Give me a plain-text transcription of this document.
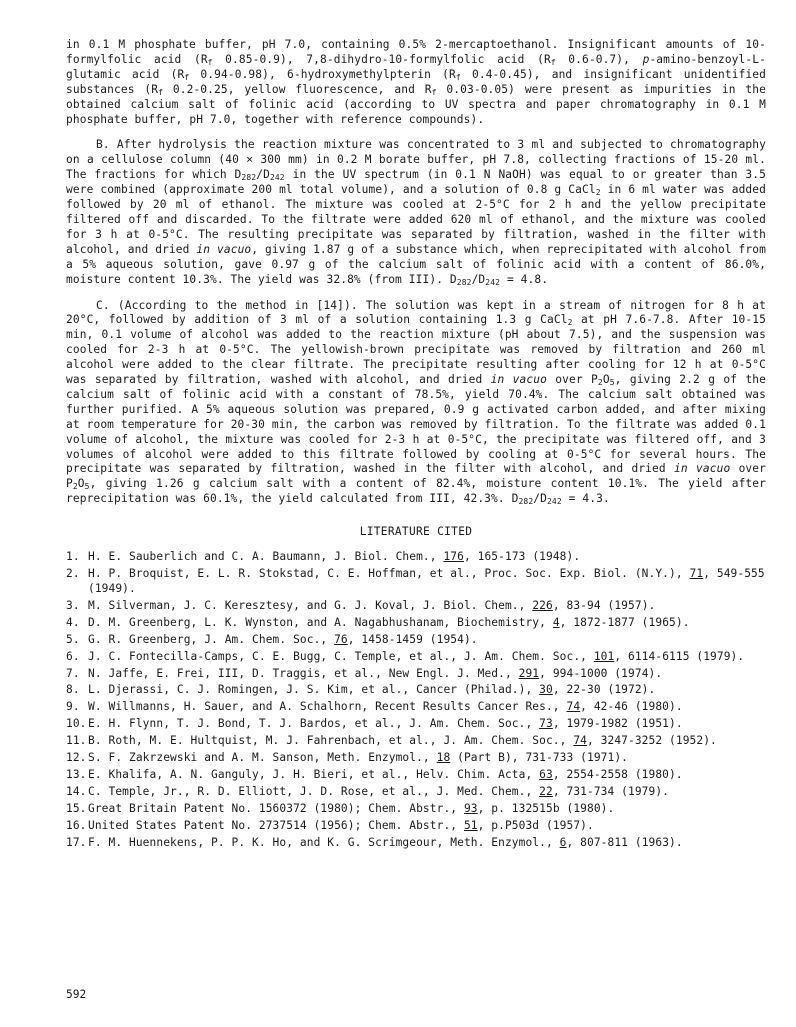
in 0.1 M phosphate buffer, pH 7.0, containing 0.5% 2-mercaptoethanol. Insignificant amounts of 10-formylfolic acid ($R_f$ 0.85-0.9), 7,8-dihydro-10-formylfolic acid ($R_f$ 0.6-0.7), p-amino-benzoyl-L-glutamic acid ($R_f$ 0.94-0.98), 6-hydroxymethylpterin ($R_f$ 0.4-0.45), and insignificant unidentified substances ($R_f$ 0.2-0.25, yellow fluorescence, and $R_f$ 0.03-0.05) were present as impurities in the obtained calcium salt of folinic acid (according to UV spectra and paper chromatography in 0.1 M phosphate buffer, pH 7.0, together with reference compounds).

B. After hydrolysis the reaction mixture was concentrated to 3 ml and subjected to chromatography on a cellulose column (40 × 300 mm) in 0.2 M borate buffer, pH 7.8, collecting fractions of 15-20 ml. The fractions for which $D_{282}/D_{242}$ in the UV spectrum (in 0.1 N NaOH) was equal to or greater than 3.5 were combined (approximate 200 ml total volume), and a solution of 0.8 g CaCl$_2$ in 6 ml water was added followed by 20 ml of ethanol. The mixture was cooled at 2-5°C for 2 h and the yellow precipitate filtered off and discarded. To the filtrate were added 620 ml of ethanol, and the mixture was cooled for 3 h at 0-5°C. The resulting precipitate was separated by filtration, washed in the filter with alcohol, and dried in vacuo, giving 1.87 g of a substance which, when reprecipitated with alcohol from a 5% aqueous solution, gave 0.97 g of the calcium salt of folinic acid with a content of 86.0%, moisture content 10.3%. The yield was 32.8% (from III). $D_{282}/D_{242} = 4.8$.

C. (According to the method in [14]). The solution was kept in a stream of nitrogen for 8 h at 20°C, followed by addition of 3 ml of a solution containing 1.3 g CaCl$_2$ at pH 7.6-7.8. After 10-15 min, 0.1 volume of alcohol was added to the reaction mixture (pH about 7.5), and the suspension was cooled for 2-3 h at 0-5°C. The yellowish-brown precipitate was removed by filtration and 260 ml alcohol were added to the clear filtrate. The precipitate resulting after cooling for 12 h at 0-5°C was separated by filtration, washed with alcohol, and dried in vacuo over $P_2O_5$, giving 2.2 g of the calcium salt of folinic acid with a constant of 78.5%, yield 70.4%. The calcium salt obtained was further purified. A 5% aqueous solution was prepared, 0.9 g activated carbon added, and after mixing at room temperature for 20-30 min, the carbon was removed by filtration. To the filtrate was added 0.1 volume of alcohol, the mixture was cooled for 2-3 h at 0-5°C, the precipitate was filtered off, and 3 volumes of alcohol were added to this filtrate followed by cooling at 0-5°C for several hours. The precipitate was separated by filtration, washed in the filter with alcohol, and dried in vacuo over $P_2O_5$, giving 1.26 g calcium salt with a content of 82.4%, moisture content 10.1%. The yield after reprecipitation was 60.1%, the yield calculated from III, 42.3%. $D_{282}/D_{242} = 4.3$.

LITERATURE CITED
1. H. E. Sauberlich and C. A. Baumann, J. Biol. Chem., 176, 165-173 (1948).
2. H. P. Broquist, E. L. R. Stokstad, C. E. Hoffman, et al., Proc. Soc. Exp. Biol. (N.Y.), 71, 549-555 (1949).
3. M. Silverman, J. C. Keresztesy, and G. J. Koval, J. Biol. Chem., 226, 83-94 (1957).
4. D. M. Greenberg, L. K. Wynston, and A. Nagabhushanam, Biochemistry, 4, 1872-1877 (1965).
5. G. R. Greenberg, J. Am. Chem. Soc., 76, 1458-1459 (1954).
6. J. C. Fontecilla-Camps, C. E. Bugg, C. Temple, et al., J. Am. Chem. Soc., 101, 6114-6115 (1979).
7. N. Jaffe, E. Frei, III, D. Traggis, et al., New Engl. J. Med., 291, 994-1000 (1974).
8. L. Djerassi, C. J. Romingen, J. S. Kim, et al., Cancer (Philad.), 30, 22-30 (1972).
9. W. Willmanns, H. Sauer, and A. Schalhorn, Recent Results Cancer Res., 74, 42-46 (1980).
10. E. H. Flynn, T. J. Bond, T. J. Bardos, et al., J. Am. Chem. Soc., 73, 1979-1982 (1951).
11. B. Roth, M. E. Hultquist, M. J. Fahrenbach, et al., J. Am. Chem. Soc., 74, 3247-3252 (1952).
12. S. F. Zakrzewski and A. M. Sanson, Meth. Enzymol., 18 (Part B), 731-733 (1971).
13. E. Khalifa, A. N. Ganguly, J. H. Bieri, et al., Helv. Chim. Acta, 63, 2554-2558 (1980).
14. C. Temple, Jr., R. D. Elliott, J. D. Rose, et al., J. Med. Chem., 22, 731-734 (1979).
15. Great Britain Patent No. 1560372 (1980); Chem. Abstr., 93, p. 132515b (1980).
16. United States Patent No. 2737514 (1956); Chem. Abstr., 51, p.P503d (1957).
17. F. M. Huennekens, P. P. K. Ho, and K. G. Scrimgeour, Meth. Enzymol., 6, 807-811 (1963).
592
